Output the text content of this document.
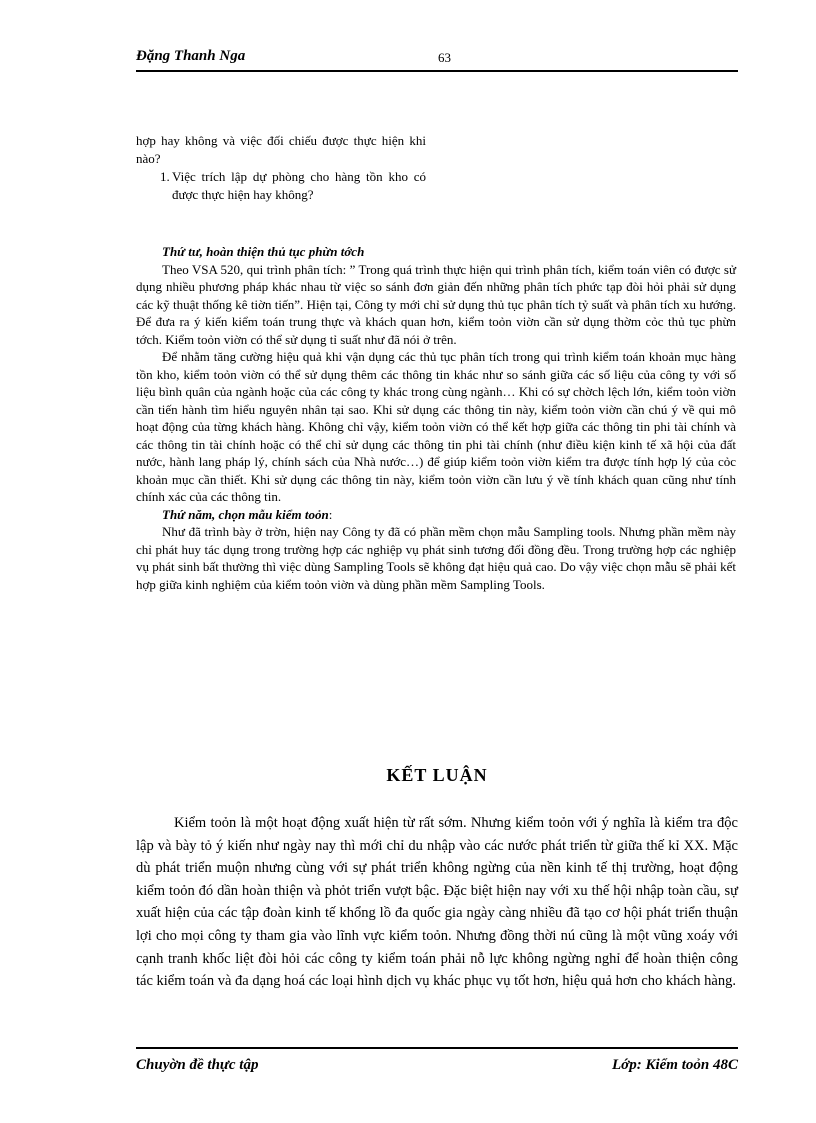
Đặng Thanh Nga	63

hợp hay không và việc đối chiếu được thực hiện khi nào?

1. Việc trích lập dự phòng cho hàng tồn kho có được thực hiện hay không?

Thứ tư, hoàn thiện thủ tục phừn tớch

Theo VSA 520, qui trình phân tích: ” Trong quá trình thực hiện qui trình phân tích, kiểm toán viên có được sử dụng nhiều phương pháp khác nhau từ việc so sánh đơn giản đến những phân tích phức tạp đòi hỏi phải sử dụng các kỹ thuật thống kê tiờn tiến”. Hiện tại, Công ty mới chỉ sử dụng thủ tục phân tích tỷ suất và phân tích xu hướng. Để đưa ra ý kiến kiểm toán trung thực và khách quan hơn, kiểm toỏn viờn cần sử dụng thờm cỏc thủ tục phừn tớch. Kiểm toỏn viờn có thể sử dụng tỉ suất như đã nói ở trên.

Để nhằm tăng cường hiệu quả khi vận dụng các thủ tục phân tích trong qui trình kiểm toán khoản mục hàng tồn kho, kiểm toỏn viờn có thể sử dụng thêm các thông tin khác như so sánh giữa các số liệu của công ty với số liệu bình quân của ngành hoặc của các công ty khác trong cùng ngành… Khi có sự chờch lệch lớn, kiểm toỏn viờn cần tiến hành tìm hiểu nguyên nhân tại sao. Khi sử dụng các thông tin này, kiểm toỏn viờn cần chú ý về qui mô hoạt động của từng khách hàng. Không chỉ vậy, kiểm toỏn viờn có thể kết hợp giữa các thông tin phi tài chính và các thông tin tài chính hoặc có thể chỉ sử dụng các thông tin phi tài chính (như điều kiện kinh tế xã hội của đất nước, hành lang pháp lý, chính sách của Nhà nước…) để giúp kiểm toỏn viờn kiểm tra được tính hợp lý của cỏc khoản mục cần thiết. Khi sử dụng các thông tin này, kiểm toỏn viờn cần lưu ý về tính khách quan cũng như tính chính xác của các thông tin.

Thứ năm, chọn mẫu kiểm toỏn:

Như đã trình bày ở trờn, hiện nay Công ty đã có phần mềm chọn mẫu Sampling tools. Nhưng phần mềm này chỉ phát huy tác dụng trong trường hợp các nghiệp vụ phát sinh tương đối đồng đều. Trong trường hợp các nghiệp vụ phát sinh bất thường thì việc dùng Sampling Tools sẽ không đạt hiệu quả cao. Do vậy việc chọn mẫu sẽ phải kết hợp giữa kinh nghiệm của kiểm toỏn viờn và dùng phần mềm Sampling Tools.

KẾT LUẬN

Kiểm toỏn là một hoạt động xuất hiện từ rất sớm. Nhưng kiểm toỏn với ý nghĩa là kiểm tra độc lập và bày tỏ ý kiến như ngày nay thì mới chỉ du nhập vào các nước phát triển từ giữa thế kỉ XX. Mặc dù phát triển muộn nhưng cùng với sự phát triển không ngừng của nền kinh tế thị trường, hoạt động kiểm toỏn đó dần hoàn thiện và phỏt triển vượt bậc. Đặc biệt hiện nay với xu thế hội nhập toàn cầu, sự xuất hiện của các tập đoàn kinh tế khổng lồ đa quốc gia ngày càng nhiều đã tạo cơ hội phát triển thuận lợi cho mọi công ty tham gia vào lĩnh vực kiểm toỏn. Nhưng đồng thời nú cũng là một vũng xoáy với cạnh tranh khốc liệt đòi hỏi các công ty kiểm toán phải nỗ lực không ngừng nghỉ để hoàn thiện công tác kiểm toán và đa dạng hoá các loại hình dịch vụ khác phục vụ tốt hơn, hiệu quả hơn cho khách hàng.

Chuyờn đề thực tập	Lớp: Kiểm toỏn 48C
